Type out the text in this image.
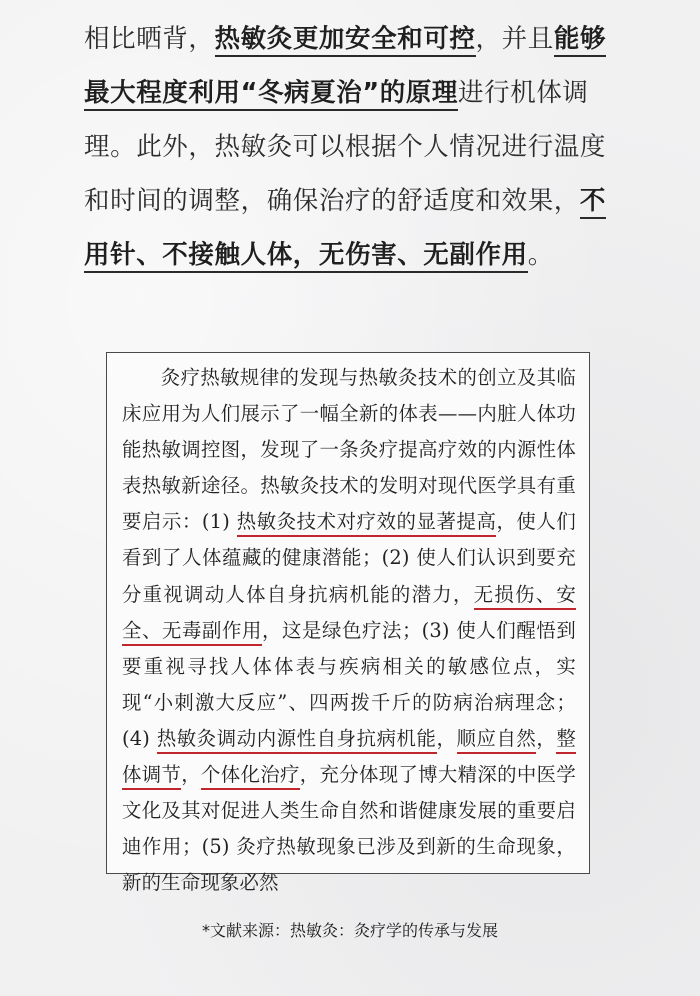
相比晒背，热敏灸更加安全和可控，并且能够最大程度利用“冬病夏治”的原理进行机体调理。此外，热敏灸可以根据个人情况进行温度和时间的调整，确保治疗的舒适度和效果，不用针、不接触人体，无伤害、无副作用。

灸疗热敏规律的发现与热敏灸技术的创立及其临床应用为人们展示了一幅全新的体表——内脏人体功能热敏调控图，发现了一条灸疗提高疗效的内源性体表热敏新途径。热敏灸技术的发明对现代医学具有重要启示：(1) 热敏灸技术对疗效的显著提高，使人们看到了人体蕴藏的健康潜能；(2) 使人们认识到要充分重视调动人体自身抗病机能的潜力，无损伤、安全、无毒副作用，这是绿色疗法；(3) 使人们醒悟到要重视寻找人体体表与疾病相关的敏感位点，实现“小刺激大反应”、四两拨千斤的防病治病理念；(4) 热敏灸调动内源性自身抗病机能，顺应自然，整体调节，个体化治疗，充分体现了博大精深的中医学文化及其对促进人类生命自然和谐健康发展的重要启迪作用；(5) 灸疗热敏现象已涉及到新的生命现象，新的生命现象必然

*文献来源：热敏灸：灸疗学的传承与发展
